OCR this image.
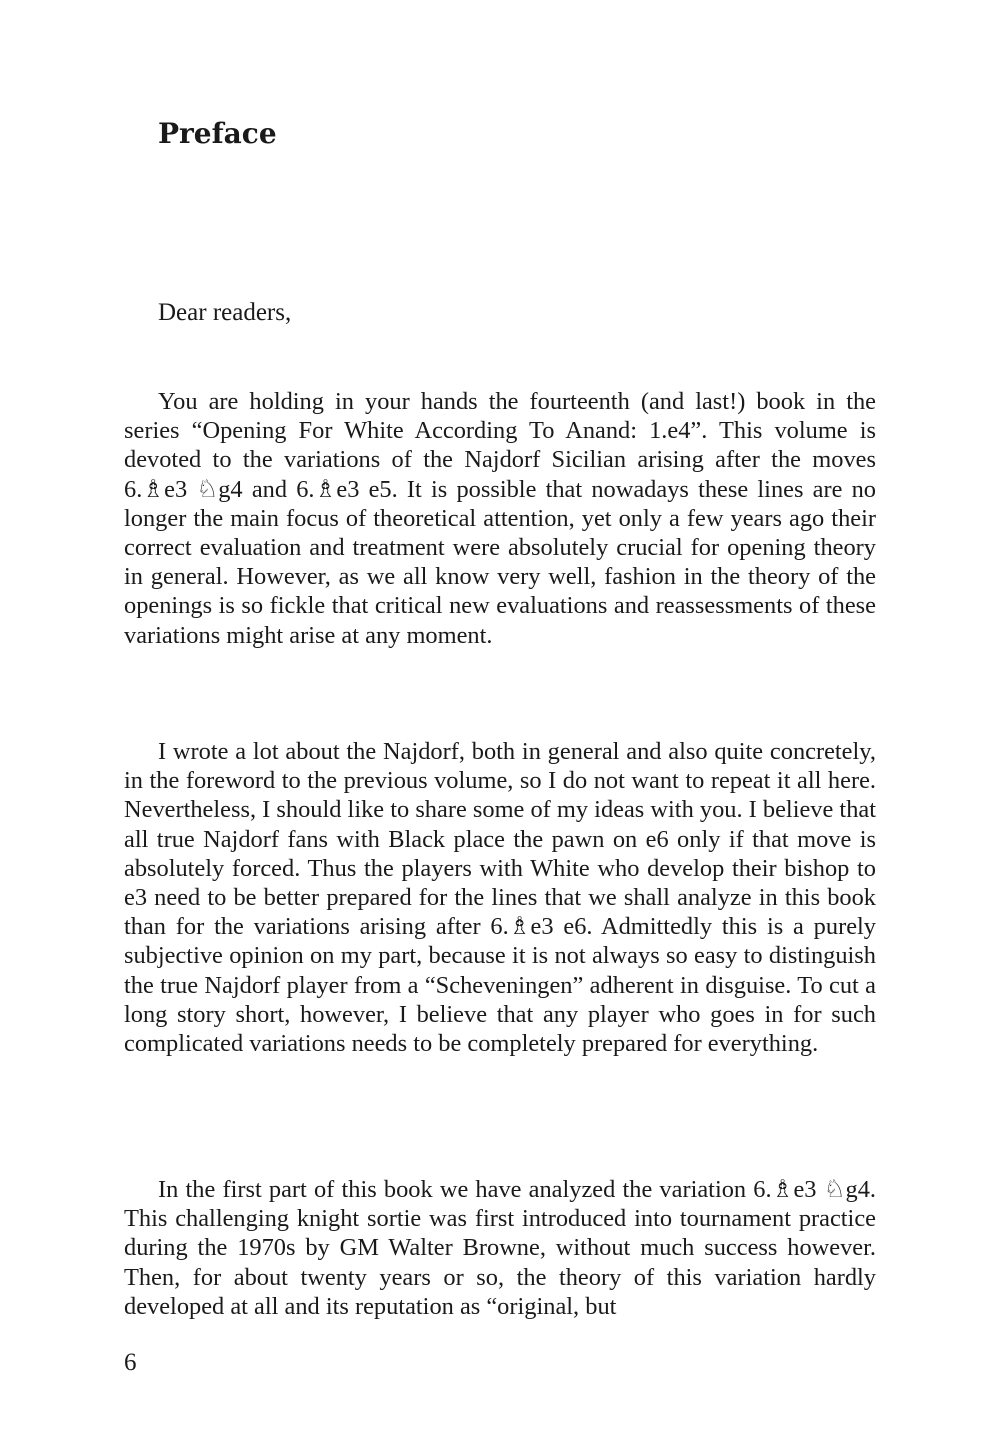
Preface

Dear readers,

You are holding in your hands the fourteenth (and last!) book in the series “Opening For White According To Anand: 1.e4”. This volume is devoted to the variations of the Najdorf Sicilian arising after the moves 6.♗e3 ♘g4 and 6.♗e3 e5. It is possible that nowadays these lines are no longer the main focus of theoretical attention, yet only a few years ago their correct evaluation and treatment were absolutely crucial for opening theory in general. However, as we all know very well, fashion in the theory of the openings is so fickle that critical new evaluations and reassessments of these variations might arise at any moment.

I wrote a lot about the Najdorf, both in general and also quite concretely, in the foreword to the previous volume, so I do not want to repeat it all here. Nevertheless, I should like to share some of my ideas with you. I believe that all true Najdorf fans with Black place the pawn on e6 only if that move is absolutely forced. Thus the players with White who develop their bishop to e3 need to be better prepared for the lines that we shall analyze in this book than for the variations arising after 6.♗e3 e6. Admittedly this is a purely subjective opinion on my part, because it is not always so easy to distinguish the true Najdorf player from a “Scheveningen” adherent in disguise. To cut a long story short, however, I believe that any player who goes in for such complicated variations needs to be completely prepared for everything.

In the first part of this book we have analyzed the variation 6.♗e3 ♘g4. This challenging knight sortie was first introduced into tournament practice during the 1970s by GM Walter Browne, without much success however. Then, for about twenty years or so, the theory of this variation hardly developed at all and its reputation as “original, but

6
